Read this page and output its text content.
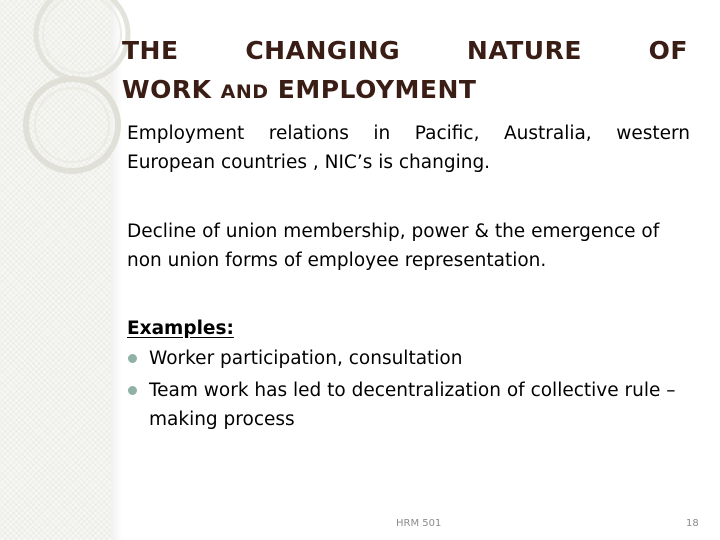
THE CHANGING NATURE OF
WORK AND EMPLOYMENT

Employment relations in Pacific, Australia, western European countries , NIC’s is changing.

Decline of union membership, power & the emergence of non union forms of employee representation.

Examples:
Worker participation, consultation
Team work has led to decentralization of collective rule – making process
HRM 501	18
